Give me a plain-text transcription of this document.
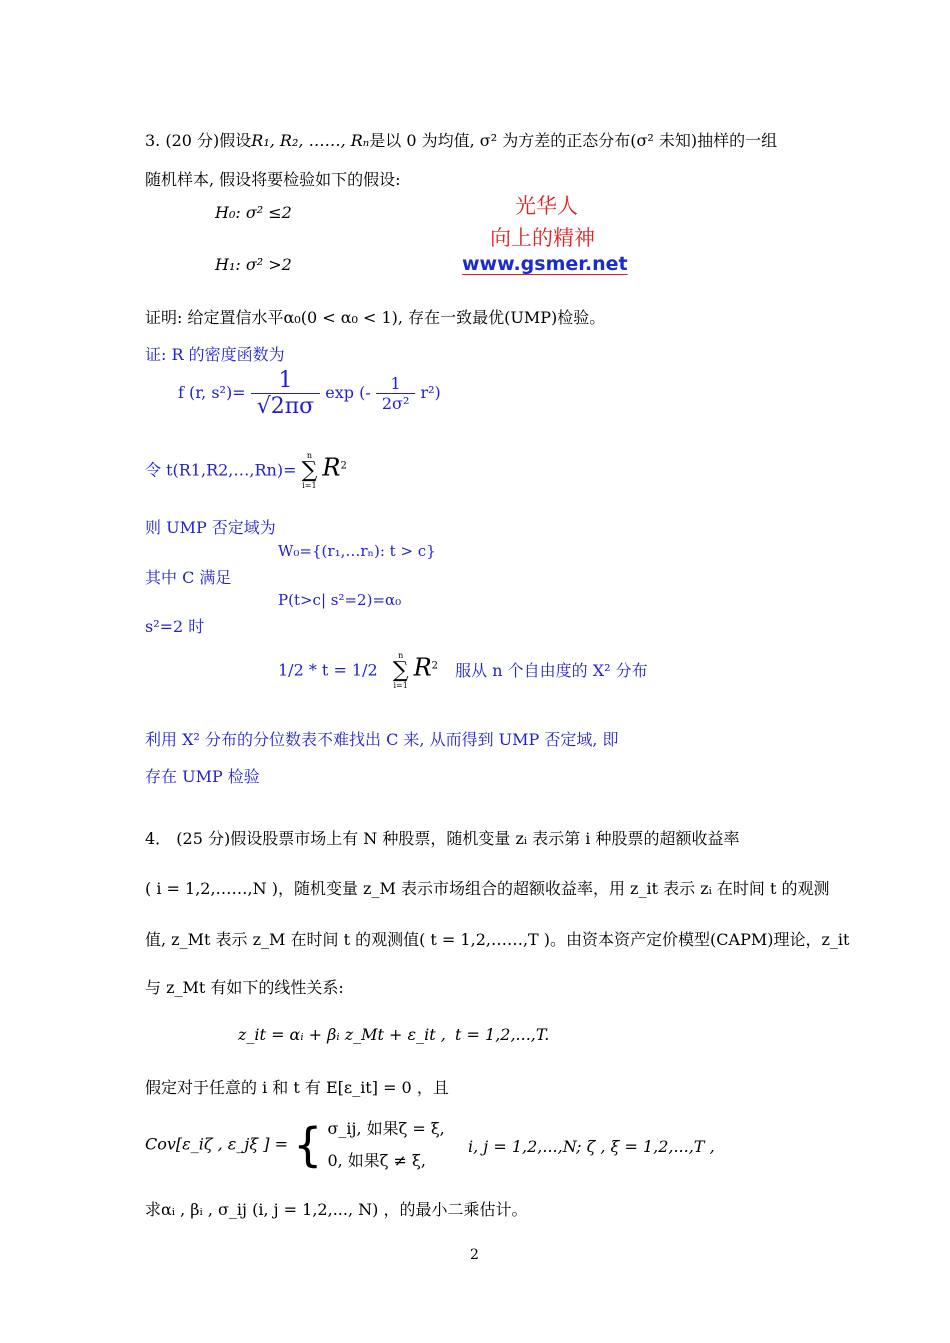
3. (20 分)假设R₁, R₂, ……, Rₙ是以 0 为均值, σ² 为方差的正态分布(σ² 未知)抽样的一组
随机样本, 假设将要检验如下的假设:
H₀: σ² ≤2
H₁: σ² >2
光华人
向上的精神
www.gsmer.net
证明: 给定置信水平α₀(0 < α₀ < 1), 存在一致最优(UMP)检验。
证: R 的密度函数为
f (r, $s^2)= \frac{1}{√2\pi\sigma}$ exp (- $\frac{1}{\text{2σ²}} r^2$)
令 t(R1,R2,…,Rn)=
n
∑
i=1
$R^2$
则 UMP 否定域为
W₀={(r₁,…rₙ): t > c}
其中 C 满足
P(t>c| s²=2)=α₀
s²=2 时
1/2 * t = 1/2
n
∑
i=1
$R^2$ 服从 n 个自由度的 X² 分布
利用 X² 分布的分位数表不难找出 C 来, 从而得到 UMP 否定域, 即
存在 UMP 检验
4． (25 分)假设股票市场上有 N 种股票，随机变量 zᵢ 表示第 i 种股票的超额收益率
( i = 1,2,……,N )，随机变量 z_M 表示市场组合的超额收益率，用 z_it 表示 zᵢ 在时间 t 的观测
值, z_Mt 表示 z_M 在时间 t 的观测值( t = 1,2,……,T )。由资本资产定价模型(CAPM)理论，z_it
与 z_Mt 有如下的线性关系:
z_it = αᵢ + βᵢ z_Mt + ε_it , t = 1,2,...,T.
假定对于任意的 i 和 t 有 E[ε_it] = 0 ，且
Cov[ε_iζ , ε_jξ ] = { σ_ij, 如果ζ = ξ,
0, 如果ζ ≠ ξ,
i, j = 1,2,...,N; ζ , ξ = 1,2,...,T ,
求αᵢ , βᵢ , σ_ij (i, j = 1,2,..., N) ，的最小二乘估计。
2
